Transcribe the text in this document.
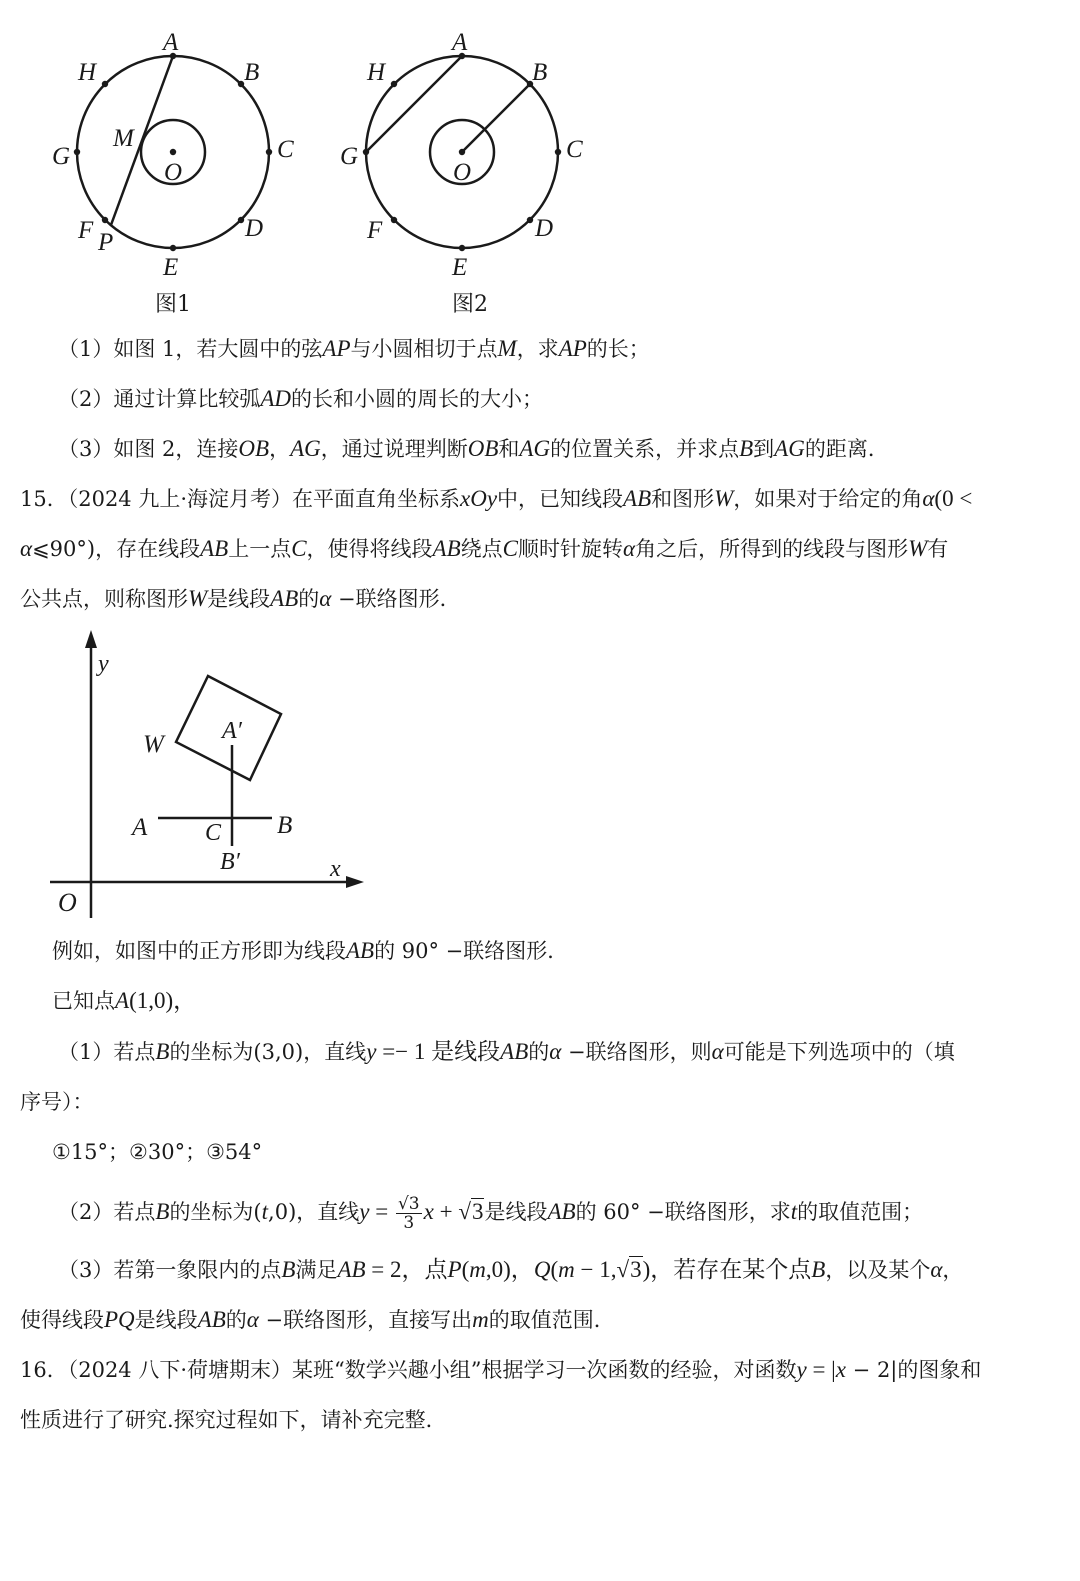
A
B
C
D
E
F
G
H
M
O
P
图1
A
B
C
D
E
F
G
H
O
图2
（1）如图 1，若大圆中的弦AP与小圆相切于点M，求AP的长；
（2）通过计算比较弧AD的长和小圆的周长的大小；
（3）如图 2，连接OB，AG，通过说理判断OB和AG的位置关系，并求点B到AG的距离．
15．（2024 九上·海淀月考）在平面直角坐标系xOy中，已知线段AB和图形W，如果对于给定的角α(0 <
α⩽90°)，存在线段AB上一点C，使得将线段AB绕点C顺时针旋转α角之后，所得到的线段与图形W有
公共点，则称图形W是线段AB的α −联络图形．
y
x
O
W A′
A	B
C
B′
例如，如图中的正方形即为线段AB的 90° −联络图形．
已知点A(1,0)，
（1）若点B的坐标为(3,0)，直线y =− 1 是线段AB的α −联络图形，则α可能是下列选项中的（填
序号）：
①15°；②30°；③54°
（2）若点B的坐标为(t,0)，直线$y = \frac{√3}{3}$ x + √3是线段AB的 60° −联络图形，求t的取值范围；
（3）若第一象限内的点B满足AB = 2，点P(m,0)，Q(m − 1,√3)，若存在某个点B，以及某个α，
使得线段PQ是线段AB的α −联络图形，直接写出m的取值范围．
16．（2024 八下·荷塘期末）某班“数学兴趣小组”根据学习一次函数的经验，对函数y = |x − 2|的图象和
性质进行了研究.探究过程如下，请补充完整．
